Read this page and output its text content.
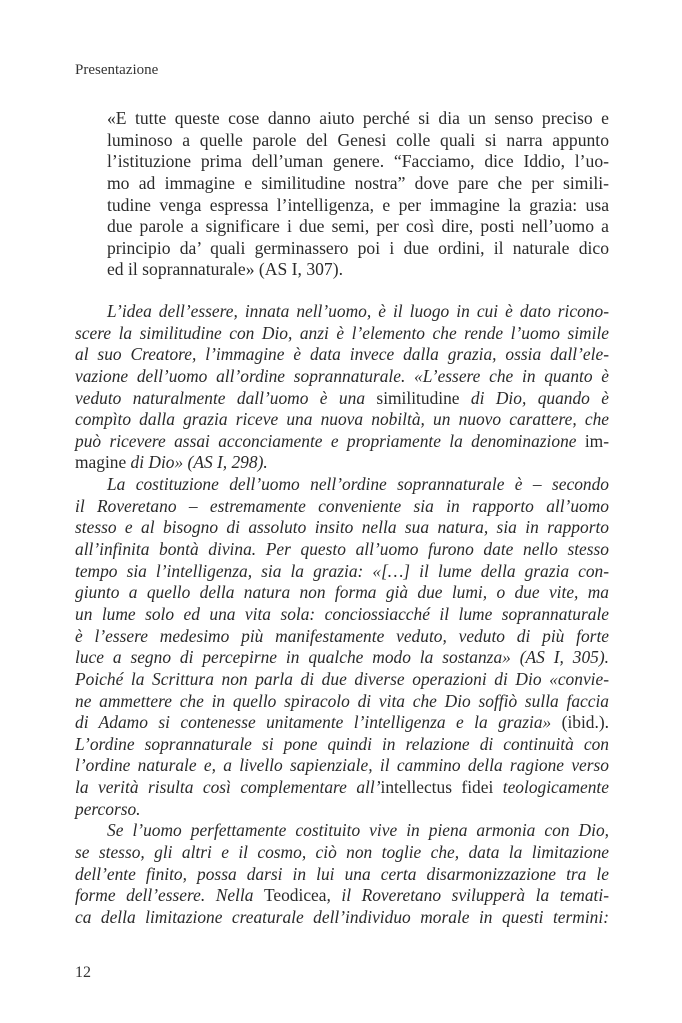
Presentazione
«E tutte queste cose danno aiuto perché si dia un senso preciso e
luminoso a quelle parole del Genesi colle quali si narra appunto
l’istituzione prima dell’uman genere. “Facciamo, dice Iddio, l’uo-
mo ad immagine e similitudine nostra” dove pare che per simili-
tudine venga espressa l’intelligenza, e per immagine la grazia: usa
due parole a significare i due semi, per così dire, posti nell’uomo a
principio da’ quali germinassero poi i due ordini, il naturale dico
ed il soprannaturale» (AS I, 307).
L’idea dell’essere, innata nell’uomo, è il luogo in cui è dato ricono-
scere la similitudine con Dio, anzi è l’elemento che rende l’uomo simile
al suo Creatore, l’immagine è data invece dalla grazia, ossia dall’ele-
vazione dell’uomo all’ordine soprannaturale. «L’essere che in quanto è
veduto naturalmente dall’uomo è una similitudine di Dio, quando è
compìto dalla grazia riceve una nuova nobiltà, un nuovo carattere, che
può ricevere assai acconciamente e propriamente la denominazione im-
magine di Dio» (AS I, 298).
La costituzione dell’uomo nell’ordine soprannaturale è – secondo
il Roveretano – estremamente conveniente sia in rapporto all’uomo
stesso e al bisogno di assoluto insito nella sua natura, sia in rapporto
all’infinita bontà divina. Per questo all’uomo furono date nello stesso
tempo sia l’intelligenza, sia la grazia: «[…] il lume della grazia con-
giunto a quello della natura non forma già due lumi, o due vite, ma
un lume solo ed una vita sola: conciossiacché il lume soprannaturale
è l’essere medesimo più manifestamente veduto, veduto di più forte
luce a segno di percepirne in qualche modo la sostanza» (AS I, 305).
Poiché la Scrittura non parla di due diverse operazioni di Dio «convie-
ne ammettere che in quello spiracolo di vita che Dio soffiò sulla faccia
di Adamo si contenesse unitamente l’intelligenza e la grazia» (ibid.).
L’ordine soprannaturale si pone quindi in relazione di continuità con
l’ordine naturale e, a livello sapienziale, il cammino della ragione verso
la verità risulta così complementare all’intellectus fidei teologicamente
percorso.
Se l’uomo perfettamente costituito vive in piena armonia con Dio,
se stesso, gli altri e il cosmo, ciò non toglie che, data la limitazione
dell’ente finito, possa darsi in lui una certa disarmonizzazione tra le
forme dell’essere. Nella Teodicea, il Roveretano svilupperà la temati-
ca della limitazione creaturale dell’individuo morale in questi termini:
12
